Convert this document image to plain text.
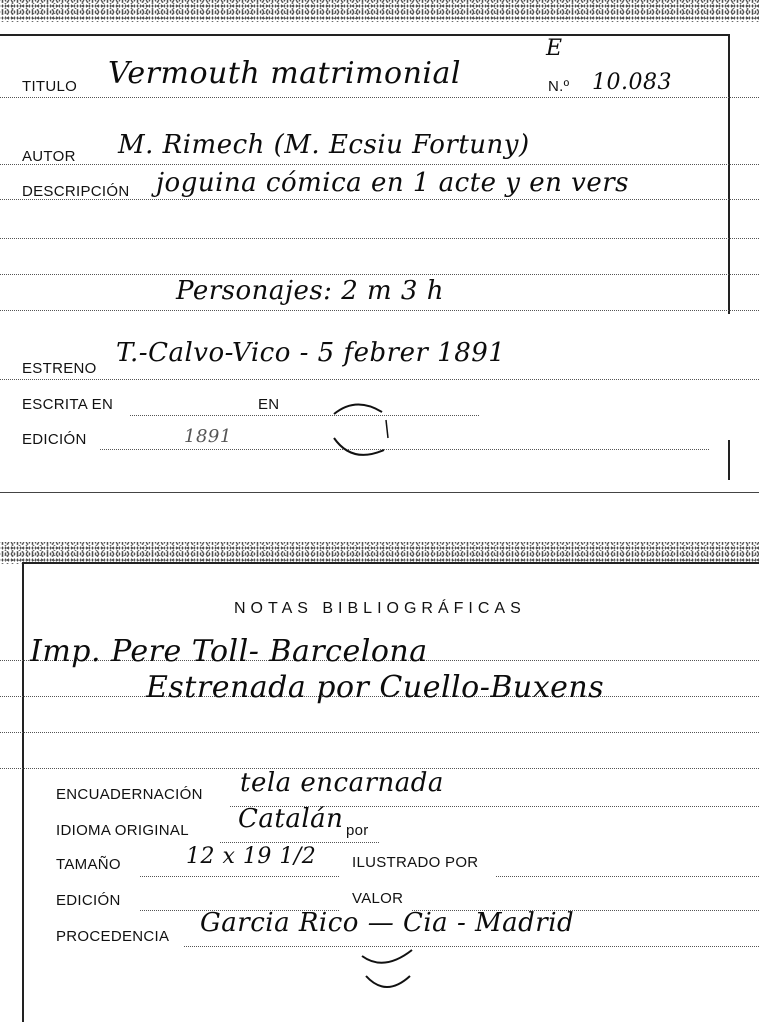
TITULO Vermouth matrimonial
E
N.º 10.083
AUTOR M. Rimech (M. Ecsiu Fortuny)
DESCRIPCIÓN joguina cómica en 1 acte y en vers
Personajes: 2 m 3 h
ESTRENO
T.-Calvo-Vico - 5 febrer 1891
ESCRITA EN	EN
EDICIÓN	1891
NOTAS BIBLIOGRÁFICAS
Imp. Pere Toll- Barcelona
Estrenada por Cuello-Buxens
ENCUADERNACIÓN tela encarnada
IDIOMA ORIGINAL Catalán por
TAMAÑO	12 x 19 1/2 ILUSTRADO POR
EDICIÓN	VALOR
PROCEDENCIA Garcia Rico — Cia - Madrid
